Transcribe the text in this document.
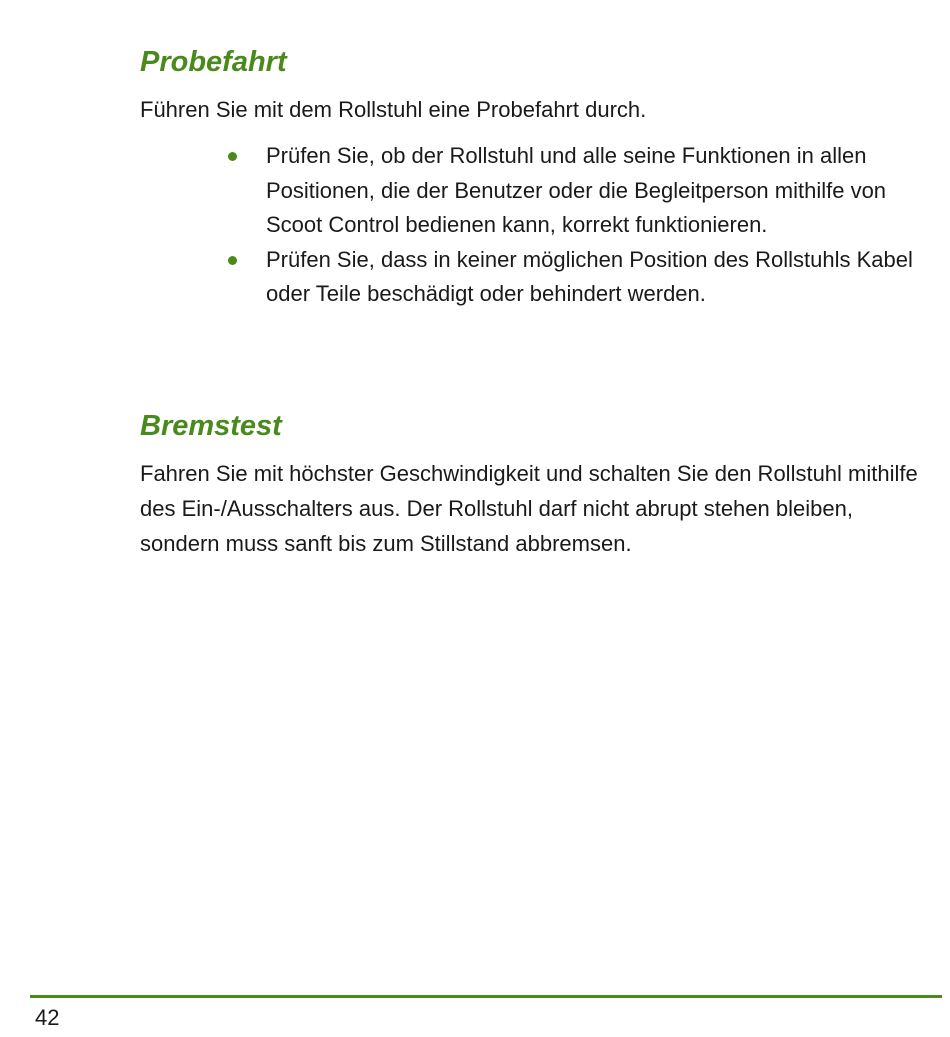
Probefahrt

Führen Sie mit dem Rollstuhl eine Probefahrt durch.

Prüfen Sie, ob der Rollstuhl und alle seine Funktionen in allen Positionen, die der Benutzer oder die Begleitperson mithilfe von Scoot Control bedienen kann, korrekt funktionieren.
Prüfen Sie, dass in keiner möglichen Position des Rollstuhls Kabel oder Teile beschädigt oder behindert werden.
Bremstest

Fahren Sie mit höchster Geschwindigkeit und schalten Sie den Rollstuhl mithilfe des Ein-/Ausschalters aus. Der Rollstuhl darf nicht abrupt stehen bleiben, sondern muss sanft bis zum Stillstand abbremsen.

42
